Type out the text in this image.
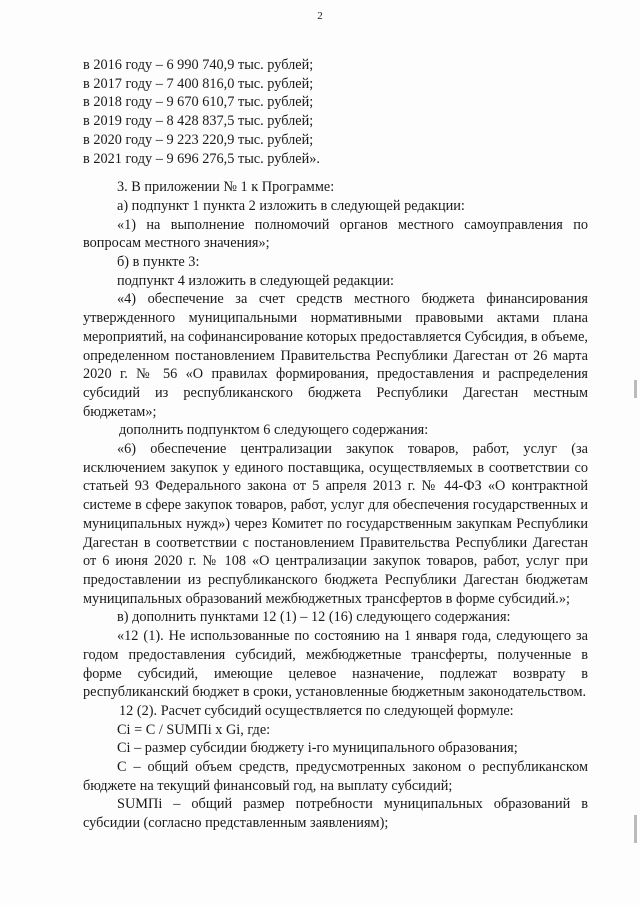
2
в 2016 году – 6 990 740,9 тыс. рублей;
в 2017 году – 7 400 816,0 тыс. рублей;
в 2018 году – 9 670 610,7 тыс. рублей;
в 2019 году – 8 428 837,5 тыс. рублей;
в 2020 году – 9 223 220,9 тыс. рублей;
в 2021 году – 9 696 276,5 тыс. рублей».

3. В приложении № 1 к Программе:

а) подпункт 1 пункта 2 изложить в следующей редакции:

«1) на выполнение полномочий органов местного самоуправления по вопросам местного значения»;

б) в пункте 3:

подпункт 4 изложить в следующей редакции:

«4) обеспечение за счет средств местного бюджета финансирования утвержденного муниципальными нормативными правовыми актами плана мероприятий, на софинансирование которых предоставляется Субсидия, в объеме, определенном постановлением Правительства Республики Дагестан от 26 марта 2020 г. № 56 «О правилах формирования, предоставления и распределения субсидий из республиканского бюджета Республики Дагестан местным бюджетам»;

дополнить подпунктом 6 следующего содержания:

«6) обеспечение централизации закупок товаров, работ, услуг (за исключением закупок у единого поставщика, осуществляемых в соответствии со статьей 93 Федерального закона от 5 апреля 2013 г. № 44-ФЗ «О контрактной системе в сфере закупок товаров, работ, услуг для обеспечения государственных и муниципальных нужд») через Комитет по государственным закупкам Республики Дагестан в соответствии с постановлением Правительства Республики Дагестан от 6 июня 2020 г. № 108 «О централизации закупок товаров, работ, услуг при предоставлении из республиканского бюджета Республики Дагестан бюджетам муниципальных образований межбюджетных трансфертов в форме субсидий.»;

в) дополнить пунктами 12 (1) – 12 (16) следующего содержания:

«12 (1). Не использованные по состоянию на 1 января года, следующего за годом предоставления субсидий, межбюджетные трансферты, полученные в форме субсидий, имеющие целевое назначение, подлежат возврату в республиканский бюджет в сроки, установленные бюджетным законодательством.

12 (2). Расчет субсидий осуществляется по следующей формуле:

Ci = C / SUMПi x Gi, где:

Ci – размер субсидии бюджету i-го муниципального образования;

С – общий объем средств, предусмотренных законом о республиканском бюджете на текущий финансовый год, на выплату субсидий;

SUMПi – общий размер потребности муниципальных образований в субсидии (согласно представленным заявлениям);
